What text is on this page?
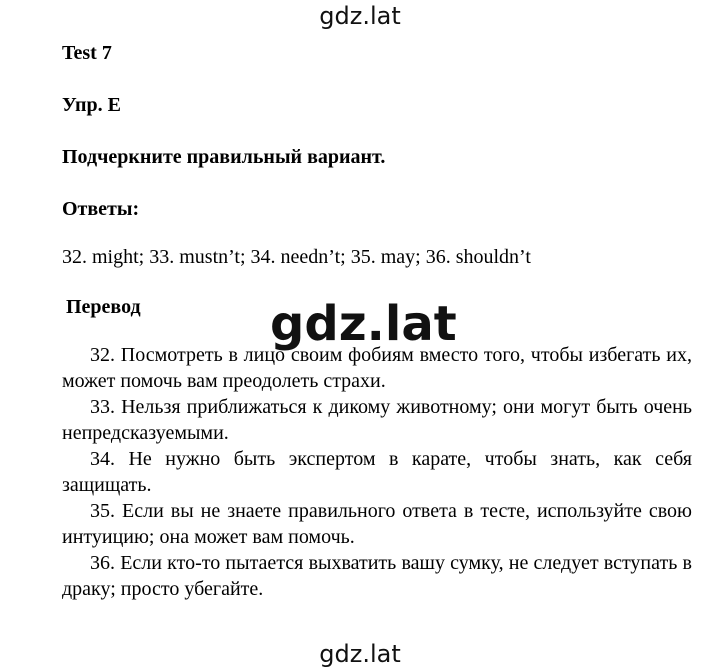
gdz.lat
Test 7
Упр. E
Подчеркните правильный вариант.
Ответы:
32. might; 33. mustn’t; 34. needn’t; 35. may; 36. shouldn’t
Перевод

32. Посмотреть в лицо своим фобиям вместо того, чтобы избегать их, может помочь вам преодолеть страхи.

33. Нельзя приближаться к дикому животному; они могут быть очень непредсказуемыми.

34. Не нужно быть экспертом в карате, чтобы знать, как себя защищать.

35. Если вы не знаете правильного ответа в тесте, используйте свою интуицию; она может вам помочь.

36. Если кто-то пытается выхватить вашу сумку, не следует вступать в драку; просто убегайте.

gdz.lat
gdz.lat
